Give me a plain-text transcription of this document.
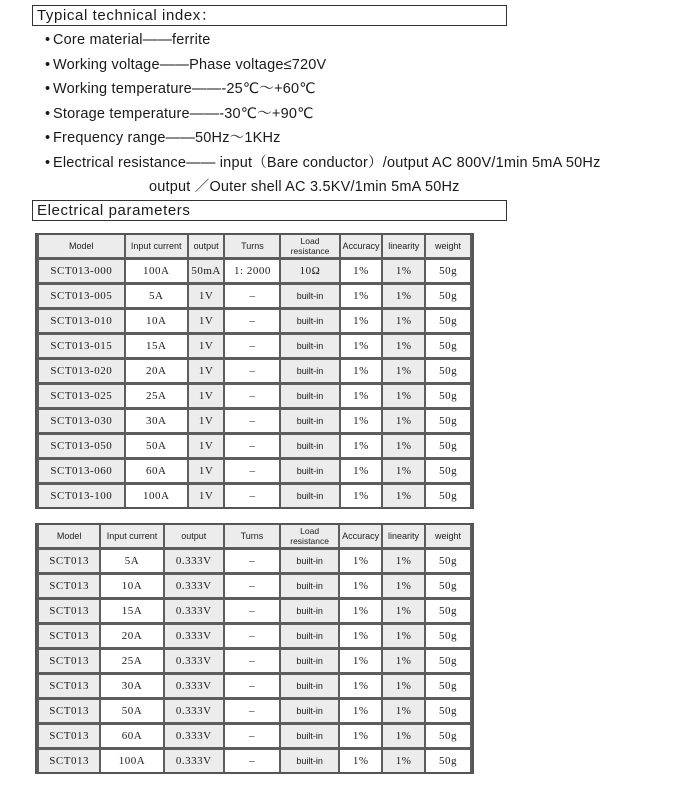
Typical technical index：
• Core material——ferrite
• Working voltage——Phase voltage≤720V
• Working temperature——-25℃～+60℃
• Storage temperature——-30℃～+90℃
• Frequency range——50Hz～1KHz
• Electrical resistance—— input（Bare conductor）/output AC 800V/1min 5mA 50Hz
output ／Outer shell AC 3.5KV/1min 5mA 50Hz
Electrical parameters
Model	Input current	output	Turns	Load resistance	Accuracy	linearity	weight
SCT013-000	100A	50mA	1: 2000	10Ω	1%	1%	50g
SCT013-005	5A	1V	–	built-in	1%	1%	50g
SCT013-010	10A	1V	–	built-in	1%	1%	50g
SCT013-015	15A	1V	–	built-in	1%	1%	50g
SCT013-020	20A	1V	–	built-in	1%	1%	50g
SCT013-025	25A	1V	–	built-in	1%	1%	50g
SCT013-030	30A	1V	–	built-in	1%	1%	50g
SCT013-050	50A	1V	–	built-in	1%	1%	50g
SCT013-060	60A	1V	–	built-in	1%	1%	50g
SCT013-100	100A	1V	–	built-in	1%	1%	50g
Model	Input current	output	Turns	Load resistance	Accuracy	linearity	weight
SCT013	5A	0.333V	–	built-in	1%	1%	50g
SCT013	10A	0.333V	–	built-in	1%	1%	50g
SCT013	15A	0.333V	–	built-in	1%	1%	50g
SCT013	20A	0.333V	–	built-in	1%	1%	50g
SCT013	25A	0.333V	–	built-in	1%	1%	50g
SCT013	30A	0.333V	–	built-in	1%	1%	50g
SCT013	50A	0.333V	–	built-in	1%	1%	50g
SCT013	60A	0.333V	–	built-in	1%	1%	50g
SCT013	100A	0.333V	–	built-in	1%	1%	50g
